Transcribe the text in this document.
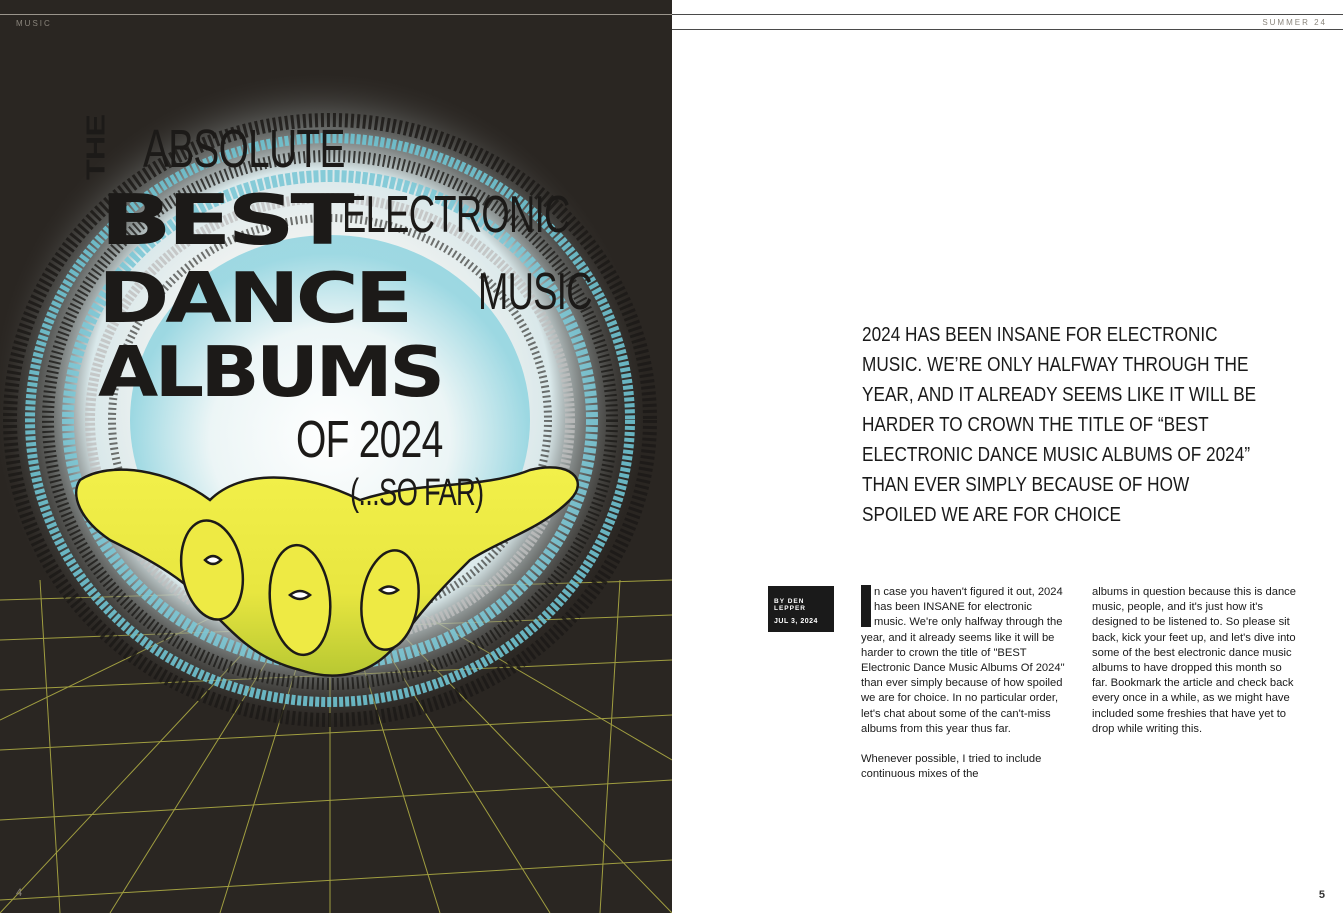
MUSIC
THE ABSOLUTE
BEST
ELECTRONIC
DANCE MUSIC
ALBUMS
OF 2024
(...SO FAR)
4
SUMMER 24
2024 HAS BEEN INSANE FOR ELECTRONIC MUSIC. WE’RE ONLY HALFWAY THROUGH THE YEAR, AND IT ALREADY SEEMS LIKE IT WILL BE HARDER TO CROWN THE TITLE OF “BEST ELECTRONIC DANCE MUSIC ALBUMS OF 2024” THAN EVER SIMPLY BECAUSE OF HOW SPOILED WE ARE FOR CHOICE
BY DEN LEPPER
JUL 3, 2024

n case you haven't figured it out, 2024 has been INSANE for electronic music. We're only halfway through the year, and it already seems like it will be harder to crown the title of "BEST Electronic Dance Music Albums Of 2024" than ever simply because of how spoiled we are for choice. In no particular order, let's chat about some of the can't-miss albums from this year thus far.

Whenever possible, I tried to include continuous mixes of the

albums in question because this is dance music, people, and it's just how it's designed to be listened to. So please sit back, kick your feet up, and let's dive into some of the best electronic dance music albums to have dropped this month so far. Bookmark the article and check back every once in a while, as we might have included some freshies that have yet to drop while writing this.

5
